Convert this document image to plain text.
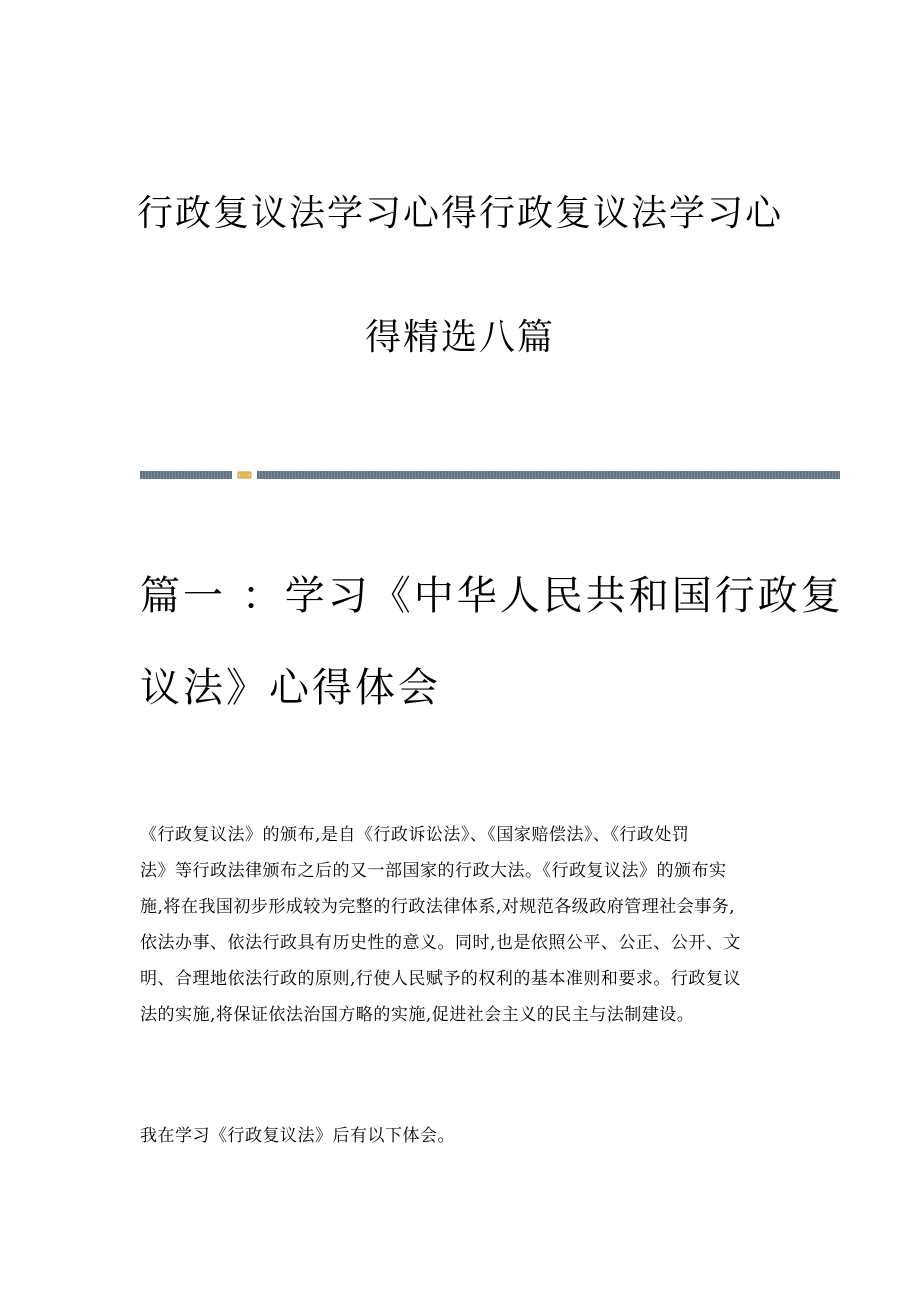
行政复议法学习心得行政复议法学习心
得精选八篇
篇一 ：学习《中华人民共和国行政复
议法》心得体会
《行政复议法》的颁布,是自《行政诉讼法》、《国家赔偿法》、《行政处罚
法》等行政法律颁布之后的又一部国家的行政大法。《行政复议法》的颁布实
施,将在我国初步形成较为完整的行政法律体系,对规范各级政府管理社会事务,
依法办事、依法行政具有历史性的意义。同时,也是依照公平、公正、公开、文
明、合理地依法行政的原则,行使人民赋予的权利的基本准则和要求。行政复议
法的实施,将保证依法治国方略的实施,促进社会主义的民主与法制建设。
我在学习《行政复议法》后有以下体会。
